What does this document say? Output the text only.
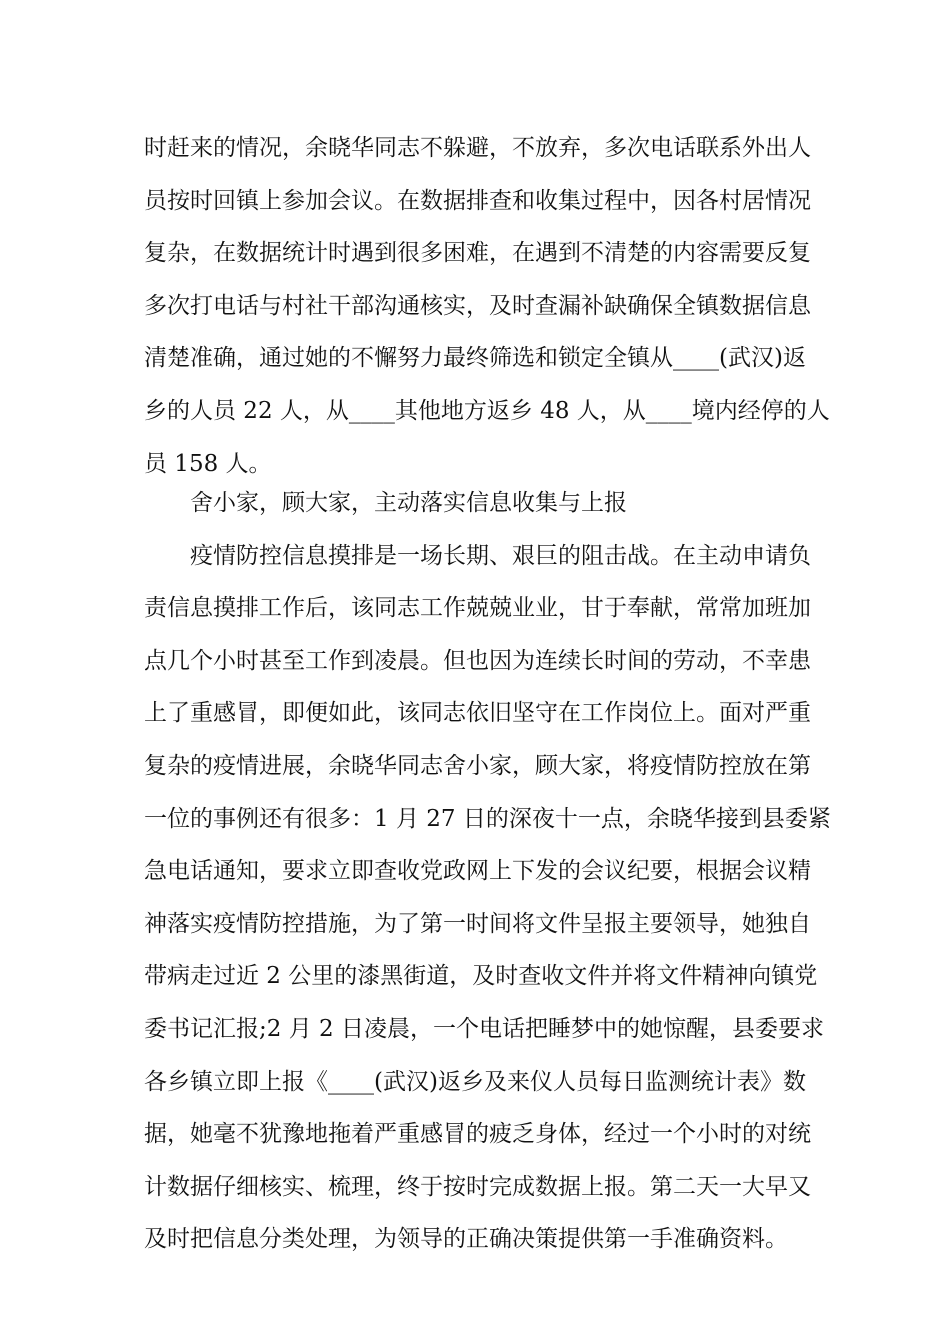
时赶来的情况，余晓华同志不躲避，不放弃，多次电话联系外出人
员按时回镇上参加会议。在数据排查和收集过程中，因各村居情况
复杂，在数据统计时遇到很多困难，在遇到不清楚的内容需要反复
多次打电话与村社干部沟通核实，及时查漏补缺确保全镇数据信息
清楚准确，通过她的不懈努力最终筛选和锁定全镇从____(武汉)返
乡的人员 22 人，从____其他地方返乡 48 人，从____境内经停的人
员 158 人。
舍小家，顾大家，主动落实信息收集与上报
疫情防控信息摸排是一场长期、艰巨的阻击战。在主动申请负
责信息摸排工作后，该同志工作兢兢业业，甘于奉献，常常加班加
点几个小时甚至工作到凌晨。但也因为连续长时间的劳动，不幸患
上了重感冒，即便如此，该同志依旧坚守在工作岗位上。面对严重
复杂的疫情进展，余晓华同志舍小家，顾大家，将疫情防控放在第
一位的事例还有很多：1 月 27 日的深夜十一点，余晓华接到县委紧
急电话通知，要求立即查收党政网上下发的会议纪要，根据会议精
神落实疫情防控措施，为了第一时间将文件呈报主要领导，她独自
带病走过近 2 公里的漆黑街道，及时查收文件并将文件精神向镇党
委书记汇报;2 月 2 日凌晨，一个电话把睡梦中的她惊醒，县委要求
各乡镇立即上报《____(武汉)返乡及来仪人员每日监测统计表》数
据，她毫不犹豫地拖着严重感冒的疲乏身体，经过一个小时的对统
计数据仔细核实、梳理，终于按时完成数据上报。第二天一大早又
及时把信息分类处理，为领导的正确决策提供第一手准确资料。
